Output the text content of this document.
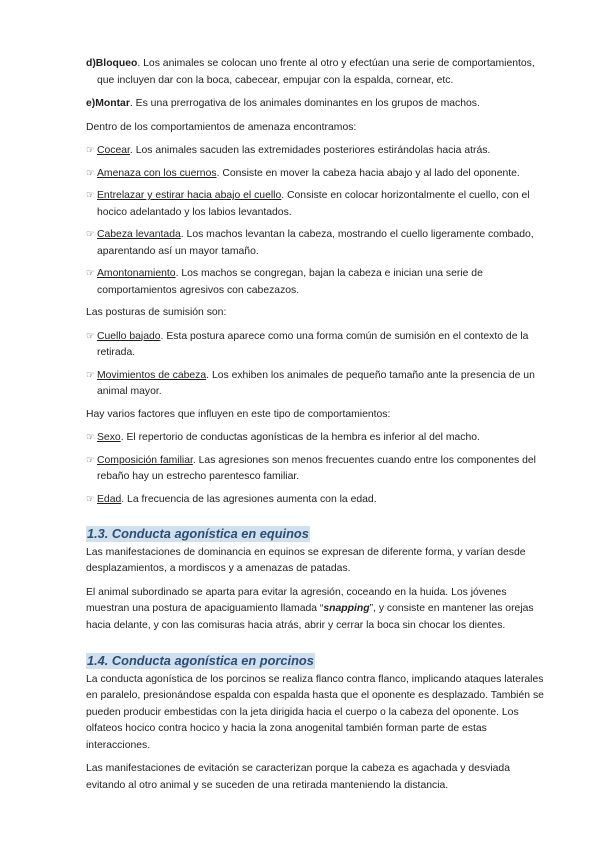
d)Bloqueo. Los animales se colocan uno frente al otro y efectúan una serie de comportamientos, que incluyen dar con la boca, cabecear, empujar con la espalda, cornear, etc.

e)Montar. Es una prerrogativa de los animales dominantes en los grupos de machos.

Dentro de los comportamientos de amenaza encontramos:

☞ Cocear. Los animales sacuden las extremidades posteriores estirándolas hacia atrás.

☞ Amenaza con los cuernos. Consiste en mover la cabeza hacia abajo y al lado del oponente.

☞ Entrelazar y estirar hacia abajo el cuello. Consiste en colocar horizontalmente el cuello, con el hocico adelantado y los labios levantados.

☞ Cabeza levantada. Los machos levantan la cabeza, mostrando el cuello ligeramente combado, aparentando así un mayor tamaño.

☞ Amontonamiento. Los machos se congregan, bajan la cabeza e inician una serie de comportamientos agresivos con cabezazos.

Las posturas de sumisión son:

☞ Cuello bajado. Esta postura aparece como una forma común de sumisión en el contexto de la retirada.

☞ Movimientos de cabeza. Los exhiben los animales de pequeño tamaño ante la presencia de un animal mayor.

Hay varios factores que influyen en este tipo de comportamientos:

☞ Sexo. El repertorio de conductas agonísticas de la hembra es inferior al del macho.

☞ Composición familiar. Las agresiones son menos frecuentes cuando entre los componentes del rebaño hay un estrecho parentesco familiar.

☞ Edad. La frecuencia de las agresiones aumenta con la edad.

1.3. Conducta agonística en equinos

Las manifestaciones de dominancia en equinos se expresan de diferente forma, y varían desde desplazamientos, a mordiscos y a amenazas de patadas.

El animal subordinado se aparta para evitar la agresión, coceando en la huida. Los jóvenes muestran una postura de apaciguamiento llamada “snapping”, y consiste en mantener las orejas hacia delante, y con las comisuras hacia atrás, abrir y cerrar la boca sin chocar los dientes.

1.4. Conducta agonística en porcinos

La conducta agonística de los porcinos se realiza flanco contra flanco, implicando ataques laterales en paralelo, presionándose espalda con espalda hasta que el oponente es desplazado. También se pueden producir embestidas con la jeta dirigida hacia el cuerpo o la cabeza del oponente. Los olfateos hocico contra hocico y hacia la zona anogenital también forman parte de estas interacciones.

Las manifestaciones de evitación se caracterizan porque la cabeza es agachada y desviada evitando al otro animal y se suceden de una retirada manteniendo la distancia.
